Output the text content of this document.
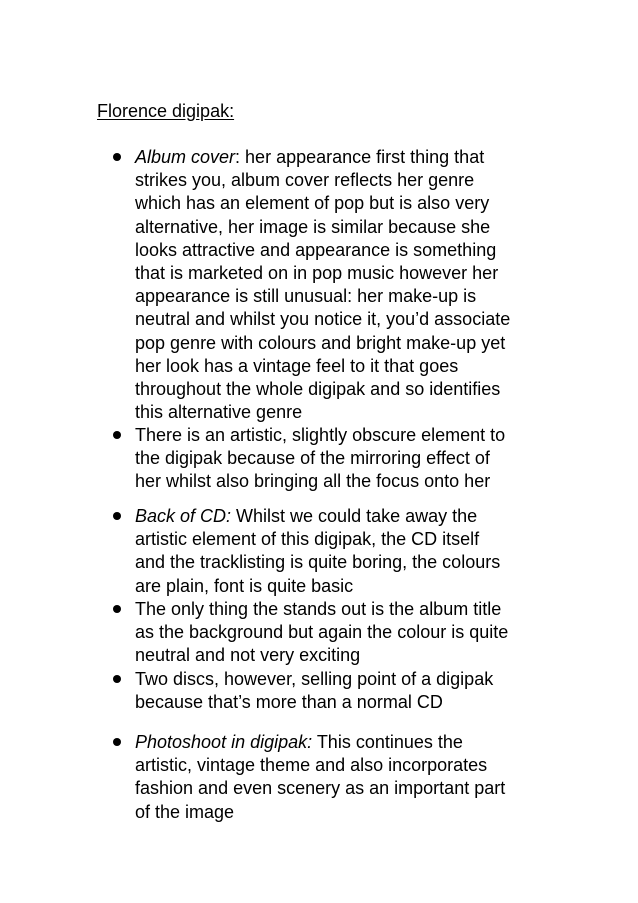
Florence digipak:
Album cover: her appearance first thing that
strikes you, album cover reflects her genre
which has an element of pop but is also very
alternative, her image is similar because she
looks attractive and appearance is something
that is marketed on in pop music however her
appearance is still unusual: her make-up is
neutral and whilst you notice it, you’d associate
pop genre with colours and bright make-up yet
her look has a vintage feel to it that goes
throughout the whole digipak and so identifies
this alternative genre
There is an artistic, slightly obscure element to
the digipak because of the mirroring effect of
her whilst also bringing all the focus onto her
Back of CD: Whilst we could take away the
artistic element of this digipak, the CD itself
and the tracklisting is quite boring, the colours
are plain, font is quite basic
The only thing the stands out is the album title
as the background but again the colour is quite
neutral and not very exciting
Two discs, however, selling point of a digipak
because that’s more than a normal CD
Photoshoot in digipak: This continues the
artistic, vintage theme and also incorporates
fashion and even scenery as an important part
of the image
